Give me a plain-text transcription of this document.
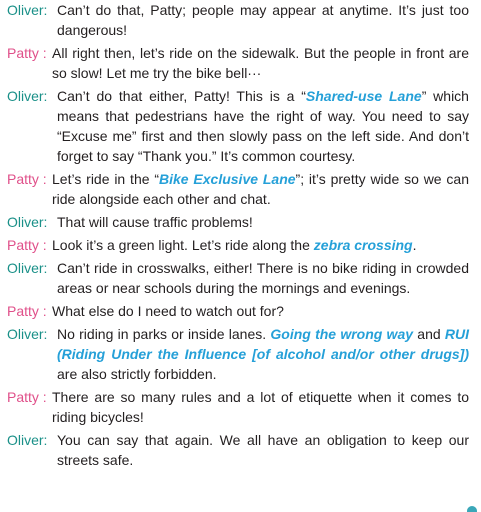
Oliver: Can’t do that, Patty; people may appear at anytime. It’s just too dangerous!
Patty : All right then, let’s ride on the sidewalk. But the people in front are so slow! Let me try the bike bell···
Oliver: Can’t do that either, Patty! This is a “Shared-use Lane” which means that pedestrians have the right of way. You need to say “Excuse me” first and then slowly pass on the left side. And don’t forget to say “Thank you.” It’s common courtesy.
Patty : Let’s ride in the “Bike Exclusive Lane”; it’s pretty wide so we can ride alongside each other and chat.
Oliver: That will cause traffic problems!
Patty : Look it’s a green light. Let’s ride along the zebra crossing.
Oliver: Can’t ride in crosswalks, either! There is no bike riding in crowded areas or near schools during the mornings and evenings.
Patty : What else do I need to watch out for?
Oliver: No riding in parks or inside lanes. Going the wrong way and RUI (Riding Under the Influence [of alcohol and/or other drugs]) are also strictly forbidden.
Patty : There are so many rules and a lot of etiquette when it comes to riding bicycles!
Oliver: You can say that again. We all have an obligation to keep our streets safe.
